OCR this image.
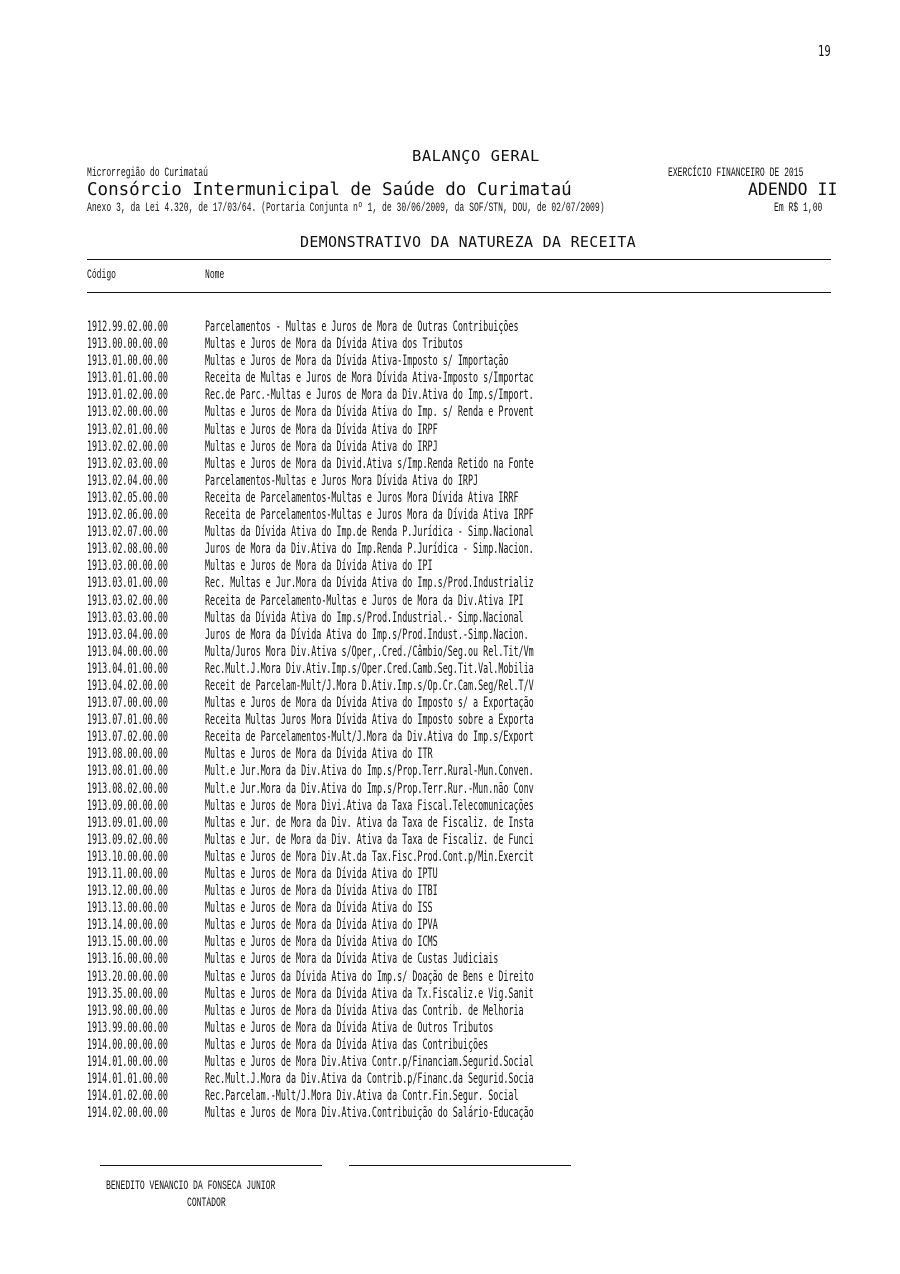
19
BALANÇO GERAL
Microrregião do Curimataú	EXERCÍCIO FINANCEIRO DE 2015
Consórcio Intermunicipal de Saúde do Curimataú	ADENDO II
Anexo 3, da Lei 4.320, de 17/03/64. (Portaria Conjunta nº 1, de 30/06/2009, da SOF/STN, DOU, de 02/07/2009)	Em R$ 1,00
DEMONSTRATIVO DA NATUREZA DA RECEITA
Código	Nome
1912.99.02.00.00	Parcelamentos - Multas e Juros de Mora de Outras Contribuições
1913.00.00.00.00	Multas e Juros de Mora da Dívida Ativa dos Tributos
1913.01.00.00.00	Multas e Juros de Mora da Dívida Ativa-Imposto s/ Importação
1913.01.01.00.00	Receita de Multas e Juros de Mora Dívida Ativa-Imposto s/Importac
1913.01.02.00.00	Rec.de Parc.-Multas e Juros de Mora da Div.Ativa do Imp.s/Import.
1913.02.00.00.00	Multas e Juros de Mora da Dívida Ativa do Imp. s/ Renda e Provent
1913.02.01.00.00	Multas e Juros de Mora da Dívida Ativa do IRPF
1913.02.02.00.00	Multas e Juros de Mora da Dívida Ativa do IRPJ
1913.02.03.00.00	Multas e Juros de Mora da Divid.Ativa s/Imp.Renda Retido na Fonte
1913.02.04.00.00	Parcelamentos-Multas e Juros Mora Dívida Ativa do IRPJ
1913.02.05.00.00	Receita de Parcelamentos-Multas e Juros Mora Dívida Ativa IRRF
1913.02.06.00.00	Receita de Parcelamentos-Multas e Juros Mora da Dívida Ativa IRPF
1913.02.07.00.00	Multas da Dívida Ativa do Imp.de Renda P.Jurídica - Simp.Nacional
1913.02.08.00.00	Juros de Mora da Div.Ativa do Imp.Renda P.Jurídica - Simp.Nacion.
1913.03.00.00.00	Multas e Juros de Mora da Dívida Ativa do IPI
1913.03.01.00.00	Rec. Multas e Jur.Mora da Dívida Ativa do Imp.s/Prod.Industrializ
1913.03.02.00.00	Receita de Parcelamento-Multas e Juros de Mora da Div.Ativa IPI
1913.03.03.00.00	Multas da Dívida Ativa do Imp.s/Prod.Industrial.- Simp.Nacional
1913.03.04.00.00	Juros de Mora da Dívida Ativa do Imp.s/Prod.Indust.-Simp.Nacion.
1913.04.00.00.00	Multa/Juros Mora Div.Ativa s/Oper,.Cred./Câmbio/Seg.ou Rel.Tit/Vm
1913.04.01.00.00	Rec.Mult.J.Mora Div.Ativ.Imp.s/Oper.Cred.Camb.Seg.Tit.Val.Mobilia
1913.04.02.00.00	Receit de Parcelam-Mult/J.Mora D.Ativ.Imp.s/Op.Cr.Cam.Seg/Rel.T/V
1913.07.00.00.00	Multas e Juros de Mora da Dívida Ativa do Imposto s/ a Exportação
1913.07.01.00.00	Receita Multas Juros Mora Dívida Ativa do Imposto sobre a Exporta
1913.07.02.00.00	Receita de Parcelamentos-Mult/J.Mora da Div.Ativa do Imp.s/Export
1913.08.00.00.00	Multas e Juros de Mora da Dívida Ativa do ITR
1913.08.01.00.00	Mult.e Jur.Mora da Div.Ativa do Imp.s/Prop.Terr.Rural-Mun.Conven.
1913.08.02.00.00	Mult.e Jur.Mora da Div.Ativa do Imp.s/Prop.Terr.Rur.-Mun.não Conv
1913.09.00.00.00	Multas e Juros de Mora Divi.Ativa da Taxa Fiscal.Telecomunicações
1913.09.01.00.00	Multas e Jur. de Mora da Div. Ativa da Taxa de Fiscaliz. de Insta
1913.09.02.00.00	Multas e Jur. de Mora da Div. Ativa da Taxa de Fiscaliz. de Funci
1913.10.00.00.00	Multas e Juros de Mora Div.At.da Tax.Fisc.Prod.Cont.p/Min.Exercit
1913.11.00.00.00	Multas e Juros de Mora da Dívida Ativa do IPTU
1913.12.00.00.00	Multas e Juros de Mora da Dívida Ativa do ITBI
1913.13.00.00.00	Multas e Juros de Mora da Dívida Ativa do ISS
1913.14.00.00.00	Multas e Juros de Mora da Dívida Ativa do IPVA
1913.15.00.00.00	Multas e Juros de Mora da Dívida Ativa do ICMS
1913.16.00.00.00	Multas e Juros de Mora da Dívida Ativa de Custas Judiciais
1913.20.00.00.00	Multas e Juros da Dívida Ativa do Imp.s/ Doação de Bens e Direito
1913.35.00.00.00	Multas e Juros de Mora da Dívida Ativa da Tx.Fiscaliz.e Vig.Sanit
1913.98.00.00.00	Multas e Juros de Mora da Dívida Ativa das Contrib. de Melhoria
1913.99.00.00.00	Multas e Juros de Mora da Dívida Ativa de Outros Tributos
1914.00.00.00.00	Multas e Juros de Mora da Dívida Ativa das Contribuições
1914.01.00.00.00	Multas e Juros de Mora Div.Ativa Contr.p/Financiam.Segurid.Social
1914.01.01.00.00	Rec.Mult.J.Mora da Div.Ativa da Contrib.p/Financ.da Segurid.Socia
1914.01.02.00.00	Rec.Parcelam.-Mult/J.Mora Div.Ativa da Contr.Fin.Segur. Social
1914.02.00.00.00	Multas e Juros de Mora Div.Ativa.Contribuição do Salário-Educação
BENEDITO VENANCIO DA FONSECA JUNIOR
CONTADOR
